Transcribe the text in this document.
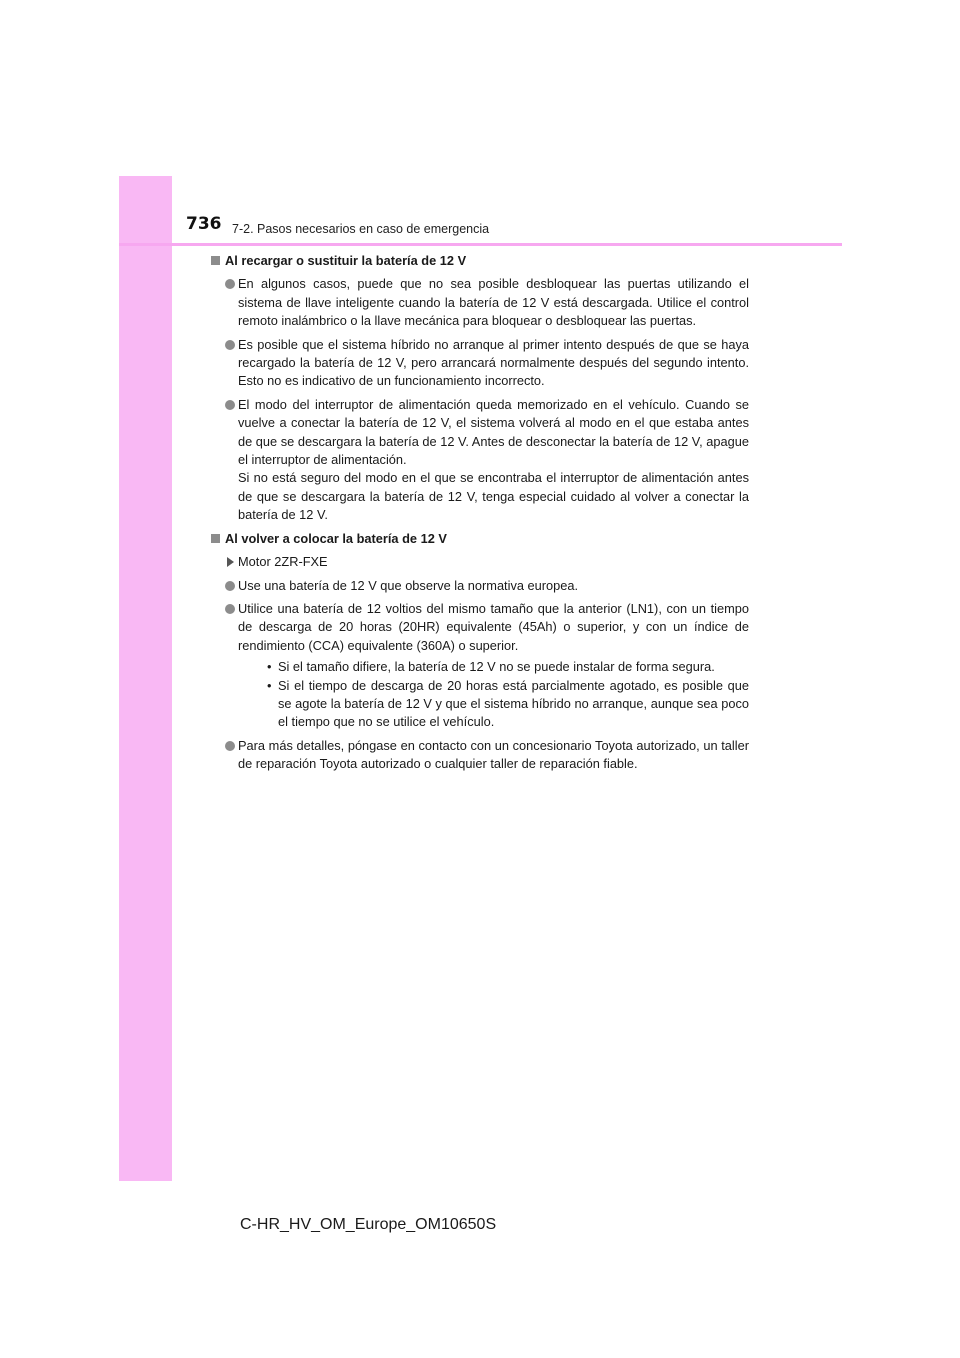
736 7-2. Pasos necesarios en caso de emergencia
Al recargar o sustituir la batería de 12 V
En algunos casos, puede que no sea posible desbloquear las puertas utilizando el sistema de llave inteligente cuando la batería de 12 V está descargada. Utilice el control remoto inalámbrico o la llave mecánica para bloquear o desbloquear las puertas.
Es posible que el sistema híbrido no arranque al primer intento después de que se haya recargado la batería de 12 V, pero arrancará normalmente después del segundo intento. Esto no es indicativo de un funcionamiento incorrecto.
El modo del interruptor de alimentación queda memorizado en el vehículo. Cuando se vuelve a conectar la batería de 12 V, el sistema volverá al modo en el que estaba antes de que se descargara la batería de 12 V. Antes de desconectar la batería de 12 V, apague el interruptor de alimentación.
Si no está seguro del modo en el que se encontraba el interruptor de alimentación antes de que se descargara la batería de 12 V, tenga especial cuidado al volver a conectar la batería de 12 V.
Al volver a colocar la batería de 12 V
Motor 2ZR-FXE
Use una batería de 12 V que observe la normativa europea.
Utilice una batería de 12 voltios del mismo tamaño que la anterior (LN1), con un tiempo de descarga de 20 horas (20HR) equivalente (45Ah) o superior, y con un índice de rendimiento (CCA) equivalente (360A) o superior.
• Si el tamaño difiere, la batería de 12 V no se puede instalar de forma segura.
• Si el tiempo de descarga de 20 horas está parcialmente agotado, es posible que se agote la batería de 12 V y que el sistema híbrido no arranque, aunque sea poco el tiempo que no se utilice el vehículo.
Para más detalles, póngase en contacto con un concesionario Toyota autorizado, un taller de reparación Toyota autorizado o cualquier taller de reparación fiable.
C-HR_HV_OM_Europe_OM10650S
